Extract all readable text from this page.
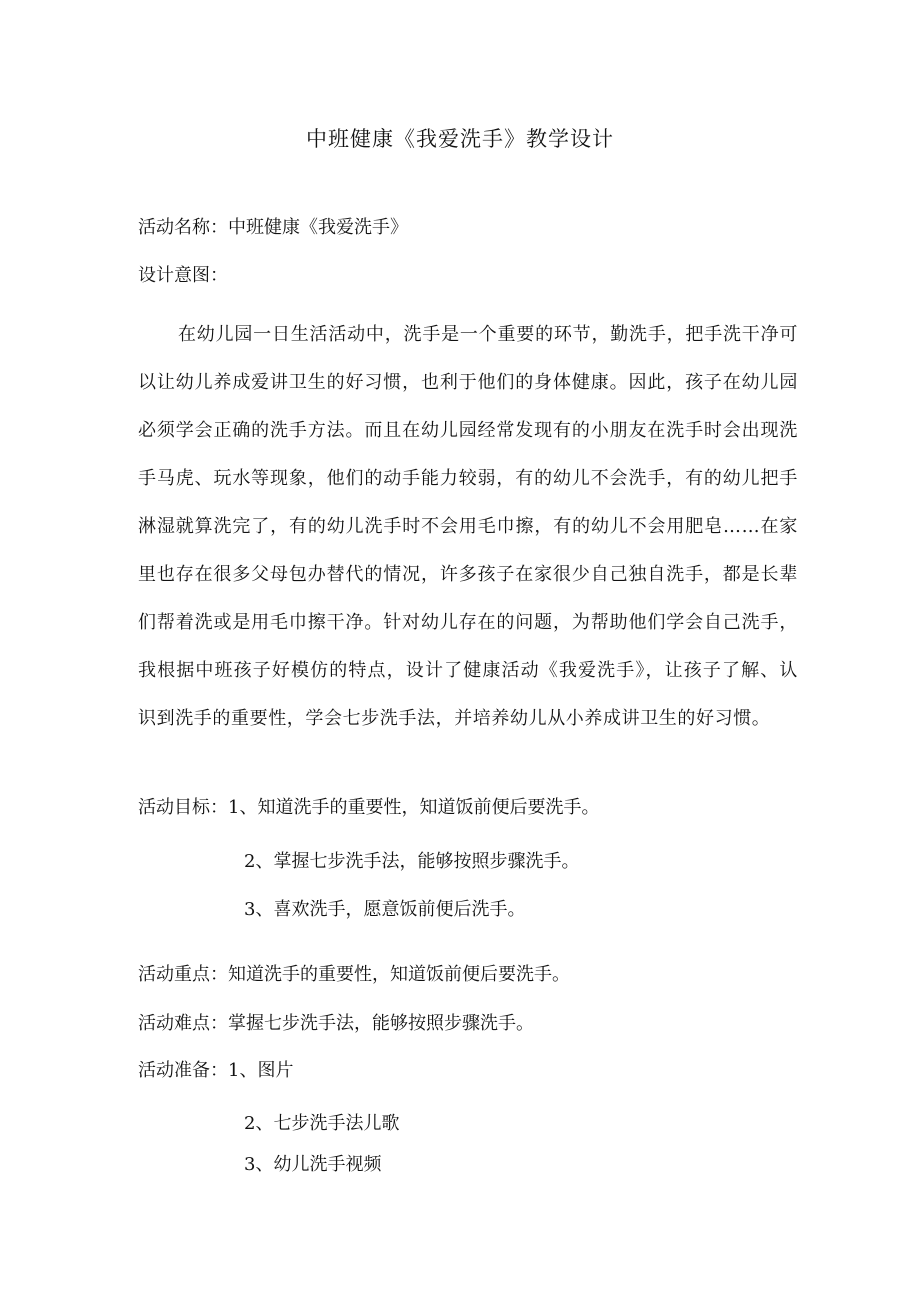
中班健康《我爱洗手》教学设计

活动名称：中班健康《我爱洗手》

设计意图：

在幼儿园一日生活活动中，洗手是一个重要的环节，勤洗手，把手洗干净可以让幼儿养成爱讲卫生的好习惯，也利于他们的身体健康。因此，孩子在幼儿园必须学会正确的洗手方法。而且在幼儿园经常发现有的小朋友在洗手时会出现洗手马虎、玩水等现象，他们的动手能力较弱，有的幼儿不会洗手，有的幼儿把手淋湿就算洗完了，有的幼儿洗手时不会用毛巾擦，有的幼儿不会用肥皂……在家里也存在很多父母包办替代的情况，许多孩子在家很少自己独自洗手，都是长辈们帮着洗或是用毛巾擦干净。针对幼儿存在的问题，为帮助他们学会自己洗手，我根据中班孩子好模仿的特点，设计了健康活动《我爱洗手》，让孩子了解、认识到洗手的重要性，学会七步洗手法，并培养幼儿从小养成讲卫生的好习惯。

活动目标：1、知道洗手的重要性，知道饭前便后要洗手。

2、掌握七步洗手法，能够按照步骤洗手。

3、喜欢洗手，愿意饭前便后洗手。

活动重点：知道洗手的重要性，知道饭前便后要洗手。

活动难点：掌握七步洗手法，能够按照步骤洗手。

活动准备：1、图片

2、七步洗手法儿歌

3、幼儿洗手视频
